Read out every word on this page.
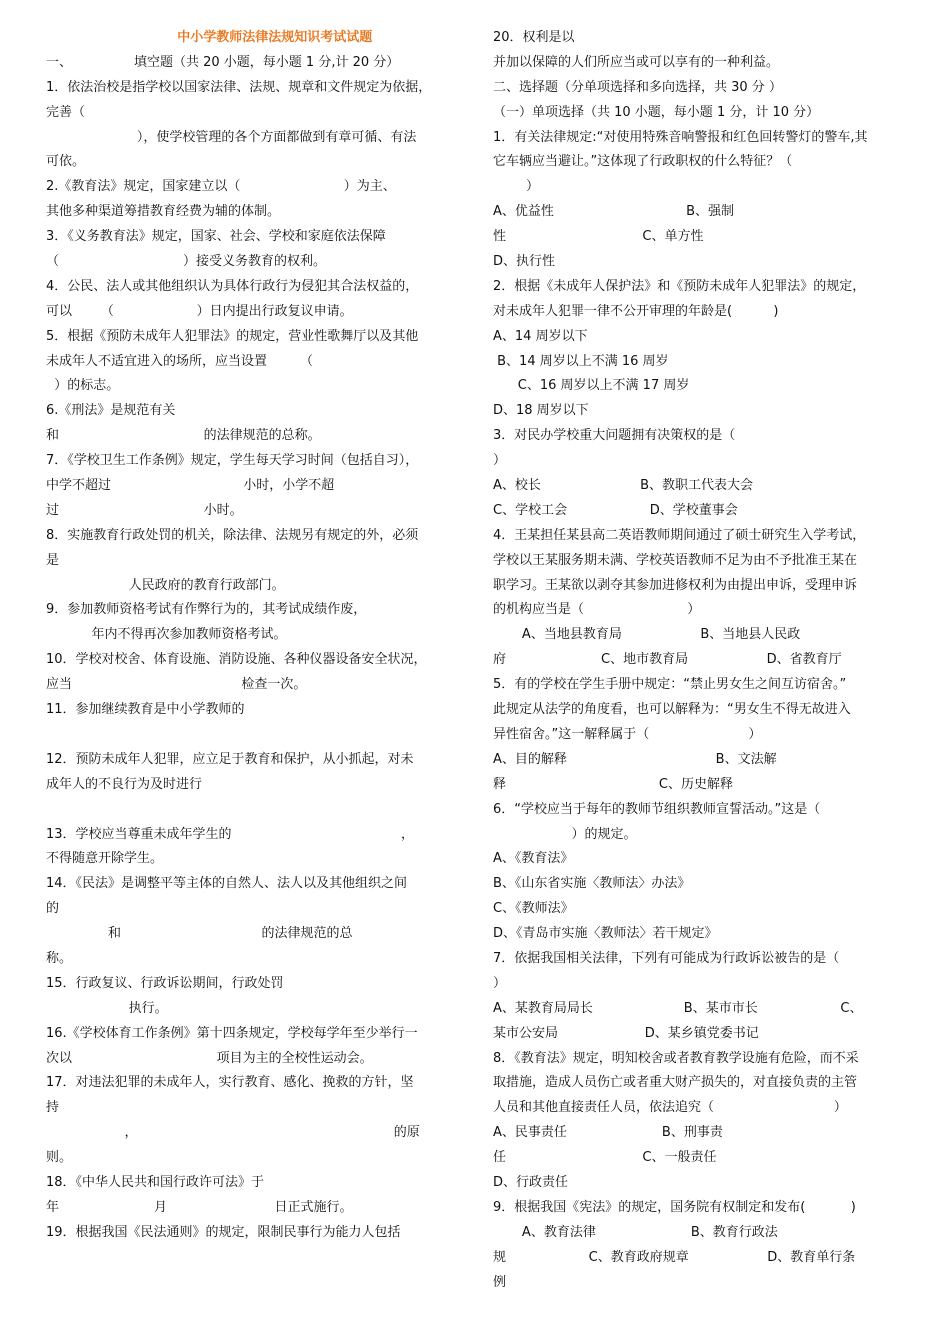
中小学教师法律法规知识考试试题
一、               填空题（共 20 小题，每小题 1 分,计 20 分）
1．依法治校是指学校以国家法律、法规、规章和文件规定为依据，
完善（
），使学校管理的各个方面都做到有章可循、有法
可依。
2.《教育法》规定，国家建立以（                         ）为主、
其他多种渠道筹措教育经费为辅的体制。
3．《义务教育法》规定，国家、社会、学校和家庭依法保障
（                              ）接受义务教育的权利。
4．公民、法人或其他组织认为具体行政行为侵犯其合法权益的，
可以       （                    ）日内提出行政复议申请。
5．根据《预防未成年人犯罪法》的规定，营业性歌舞厅以及其他
未成年人不适宜进入的场所，应当设置        （
）的标志。
6.《刑法》是规范有关
和                                   的法律规范的总称。
7．《学校卫生工作条例》规定，学生每天学习时间（包括自习），
中学不超过                                小时，小学不超
过                                   小时。
8．实施教育行政处罚的机关，除法律、法规另有规定的外，必须
是
人民政府的教育行政部门。
9．参加教师资格考试有作弊行为的，其考试成绩作废，
年内不得再次参加教师资格考试。
10．学校对校舍、体育设施、消防设施、各种仪器设备安全状况，
应当                                         检查一次。
11．参加继续教育是中小学教师的
12．预防未成年人犯罪，应立足于教育和保护，从小抓起，对未
成年人的不良行为及时进行
13．学校应当尊重未成年学生的                                         ，
不得随意开除学生。
14．《民法》是调整平等主体的自然人、法人以及其他组织之间
的
和                                  的法律规范的总
称。
15．行政复议、行政诉讼期间，行政处罚
执行。
16.《学校体育工作条例》第十四条规定，学校每学年至少举行一
次以                                   项目为主的全校性运动会。
17．对违法犯罪的未成年人，实行教育、感化、挽救的方针，坚
持
，                                                              的原
则。
18．《中华人民共和国行政许可法》于
年                       月                          日正式施行。
19．根据我国《民法通则》的规定，限制民事行为能力人包括
20．权利是以
并加以保障的人们所应当或可以享有的一种利益。
二、选择题（分单项选择和多向选择，共 30 分 ）
（一）单项选择（共 10 小题，每小题 1 分，计 10 分）
1．有关法律规定:“对使用特殊音响警报和红色回转警灯的警车,其
它车辆应当避让。”这体现了行政职权的什么特征？（
）
A、优益性                                B、强制
性                                 C、单方性
D、执行性
2．根据《未成年人保护法》和《预防未成年人犯罪法》的规定，
对未成年人犯罪一律不公开审理的年龄是(          )
A、14 周岁以下
B、14 周岁以上不满 16 周岁
C、16 周岁以上不满 17 周岁
D、18 周岁以下
3．对民办学校重大问题拥有决策权的是（
）
A、校长                        B、教职工代表大会
C、学校工会                    D、学校董事会
4．王某担任某县高二英语教师期间通过了硕士研究生入学考试，
学校以王某服务期未满、学校英语教师不足为由不予批准王某在
职学习。王某欲以剥夺其参加进修权利为由提出申诉，受理申诉
的机构应当是（                         ）
A、当地县教育局                   B、当地县人民政
府                       C、地市教育局                   D、省教育厅
5．有的学校在学生手册中规定：“禁止男女生之间互访宿舍。”
此规定从法学的角度看，也可以解释为：“男女生不得无故进入
异性宿舍。”这一解释属于（                        ）
A、目的解释                                    B、文法解
释                                     C、历史解释
6．“学校应当于每年的教师节组织教师宣誓活动。”这是（
）的规定。
A、《教育法》
B、《山东省实施〈教师法〉办法》
C、《教师法》
D、《青岛市实施〈教师法〉若干规定》
7．依据我国相关法律，下列有可能成为行政诉讼被告的是（
）
A、某教育局局长                      B、某市市长                    C、
某市公安局                     D、某乡镇党委书记
8．《教育法》规定，明知校舍或者教育教学设施有危险，而不采
取措施，造成人员伤亡或者重大财产损失的，对直接负责的主管
人员和其他直接责任人员，依法追究（                             ）
A、民事责任                       B、刑事责
任                                 C、一般责任
D、行政责任
9．根据我国《宪法》的规定，国务院有权制定和发布(           )
A、教育法律                       B、教育行政法
规                    C、教育政府规章                   D、教育单行条
例
